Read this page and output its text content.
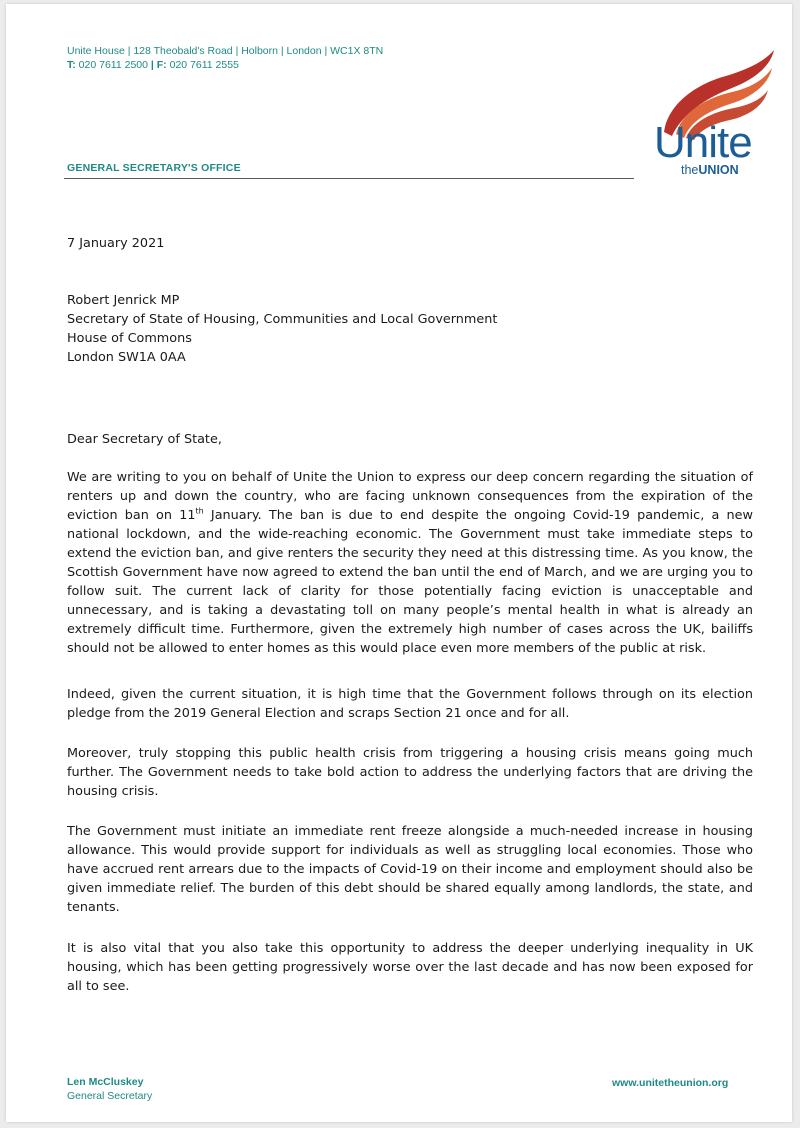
Unite House | 128 Theobald's Road | Holborn | London | WC1X 8TN
T: 020 7611 2500 | F: 020 7611 2555
Unite
theUNION
GENERAL SECRETARY'S OFFICE
7 January 2021
Robert Jenrick MP
Secretary of State of Housing, Communities and Local Government
House of Commons
London SW1A 0AA
Dear Secretary of State,

We are writing to you on behalf of Unite the Union to express our deep concern regarding the situation of renters up and down the country, who are facing unknown consequences from the expiration of the eviction ban on 11th January. The ban is due to end despite the ongoing Covid-19 pandemic, a new national lockdown, and the wide-reaching economic. The Government must take immediate steps to extend the eviction ban, and give renters the security they need at this distressing time. As you know, the Scottish Government have now agreed to extend the ban until the end of March, and we are urging you to follow suit. The current lack of clarity for those potentially facing eviction is unacceptable and unnecessary, and is taking a devastating toll on many people’s mental health in what is already an extremely difficult time. Furthermore, given the extremely high number of cases across the UK, bailiffs should not be allowed to enter homes as this would place even more members of the public at risk.

Indeed, given the current situation, it is high time that the Government follows through on its election pledge from the 2019 General Election and scraps Section 21 once and for all.

Moreover, truly stopping this public health crisis from triggering a housing crisis means going much further. The Government needs to take bold action to address the underlying factors that are driving the housing crisis.

The Government must initiate an immediate rent freeze alongside a much-needed increase in housing allowance. This would provide support for individuals as well as struggling local economies. Those who have accrued rent arrears due to the impacts of Covid-19 on their income and employment should also be given immediate relief. The burden of this debt should be shared equally among landlords, the state, and tenants.

It is also vital that you also take this opportunity to address the deeper underlying inequality in UK housing, which has been getting progressively worse over the last decade and has now been exposed for all to see.

Len McCluskey
General Secretary
www.unitetheunion.org
